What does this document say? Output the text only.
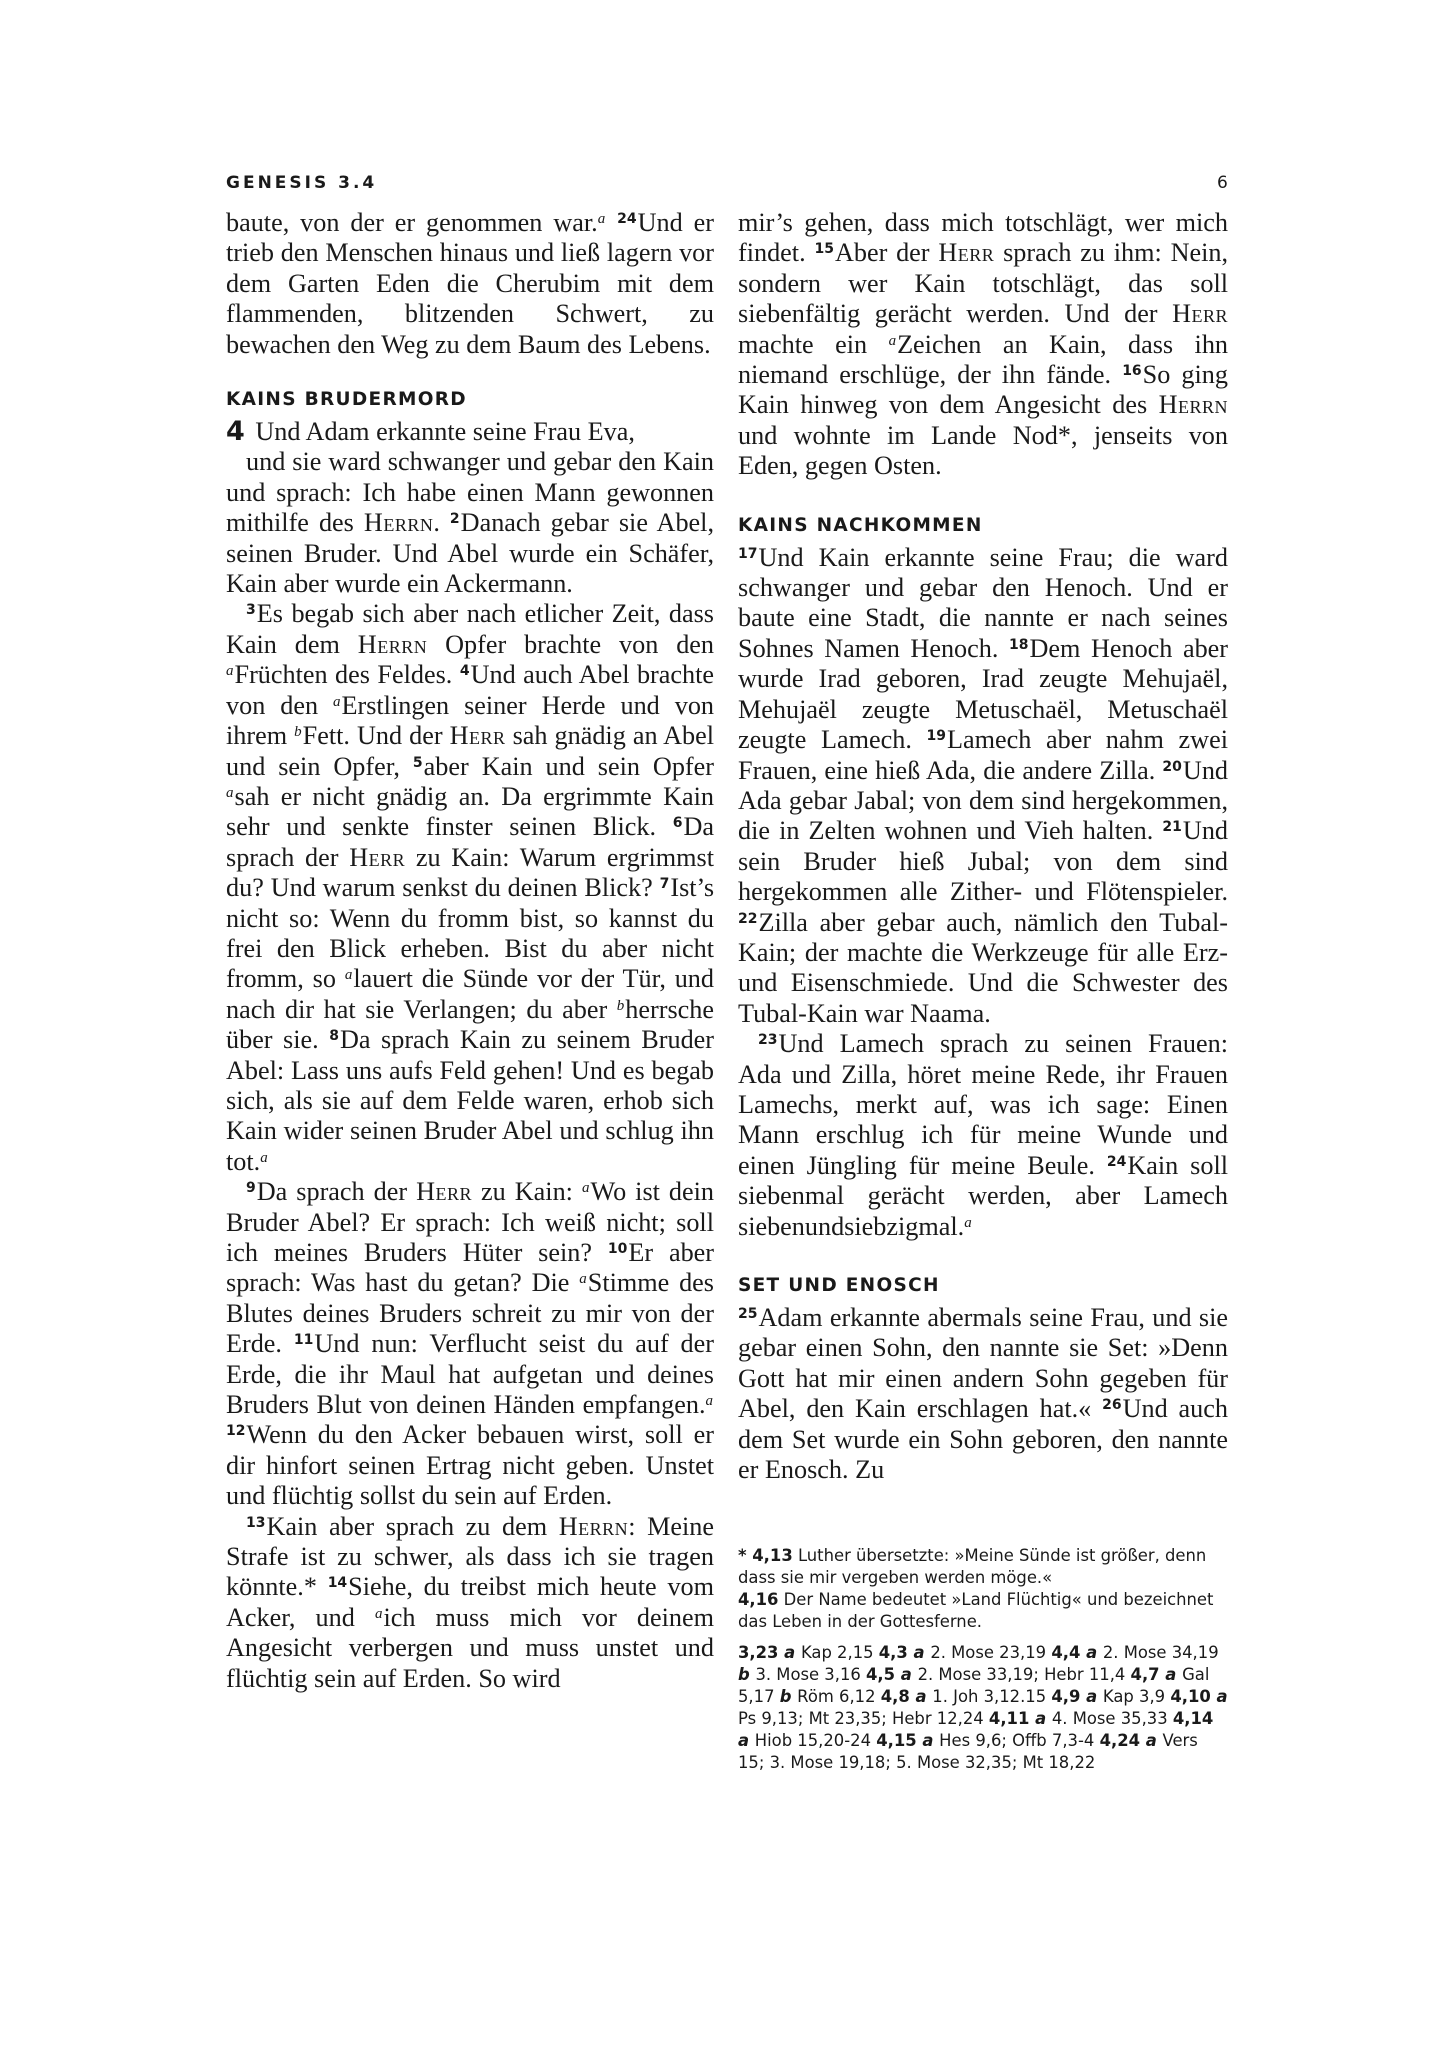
GENESIS 3.4	6

baute, von der er genommen war.$^a$ $^{24}$Und er trieb den Menschen hinaus und ließ lagern vor dem Garten Eden die Cherubim mit dem flammenden, blitzenden Schwert, zu bewachen den Weg zu dem Baum des Lebens.

KAINS BRUDERMORD

4 Und Adam erkannte seine Frau Eva,
und sie ward schwanger und gebar den Kain und sprach: Ich habe einen Mann gewonnen mithilfe des Herrn. $^2$Danach gebar sie Abel, seinen Bruder. Und Abel wurde ein Schäfer, Kain aber wurde ein Ackermann.

$^3$Es begab sich aber nach etlicher Zeit, dass Kain dem Herrn Opfer brachte von den $^a$Früchten des Feldes. $^4$Und auch Abel brachte von den $^a$Erstlingen seiner Herde und von ihrem $^b$Fett. Und der Herr sah gnädig an Abel und sein Opfer, $^5$aber Kain und sein Opfer $^a$sah er nicht gnädig an. Da ergrimmte Kain sehr und senkte finster seinen Blick. $^6$Da sprach der Herr zu Kain: Warum ergrimmst du? Und warum senkst du deinen Blick? $^7$Ist’s nicht so: Wenn du fromm bist, so kannst du frei den Blick erheben. Bist du aber nicht fromm, so $^a$lauert die Sünde vor der Tür, und nach dir hat sie Verlangen; du aber $^b$herrsche über sie. $^8$Da sprach Kain zu seinem Bruder Abel: Lass uns aufs Feld gehen! Und es begab sich, als sie auf dem Felde waren, erhob sich Kain wider seinen Bruder Abel und schlug ihn tot.$^a$

$^9$Da sprach der Herr zu Kain: $^a$Wo ist dein Bruder Abel? Er sprach: Ich weiß nicht; soll ich meines Bruders Hüter sein? $^{10}$Er aber sprach: Was hast du getan? Die $^a$Stimme des Blutes deines Bruders schreit zu mir von der Erde. $^{11}$Und nun: Verflucht seist du auf der Erde, die ihr Maul hat aufgetan und deines Bruders Blut von deinen Händen empfangen.$^a$ $^{12}$Wenn du den Acker bebauen wirst, soll er dir hinfort seinen Ertrag nicht geben. Unstet und flüchtig sollst du sein auf Erden.

$^{13}$Kain aber sprach zu dem Herrn: Meine Strafe ist zu schwer, als dass ich sie tragen könnte.* $^{14}$Siehe, du treibst mich heute vom Acker, und $^a$ich muss mich vor deinem Angesicht verbergen und muss unstet und flüchtig sein auf Erden. So wird

mir’s gehen, dass mich totschlägt, wer mich findet. $^{15}$Aber der Herr sprach zu ihm: Nein, sondern wer Kain totschlägt, das soll siebenfältig gerächt werden. Und der Herr machte ein $^a$Zeichen an Kain, dass ihn niemand erschlüge, der ihn fände. $^{16}$So ging Kain hinweg von dem Angesicht des Herrn und wohnte im Lande Nod*, jenseits von Eden, gegen Osten.

KAINS NACHKOMMEN

$^{17}$Und Kain erkannte seine Frau; die ward schwanger und gebar den Henoch. Und er baute eine Stadt, die nannte er nach seines Sohnes Namen Henoch. $^{18}$Dem Henoch aber wurde Irad geboren, Irad zeugte Mehujaël, Mehujaël zeugte Metuschaël, Metuschaël zeugte Lamech. $^{19}$Lamech aber nahm zwei Frauen, eine hieß Ada, die andere Zilla. $^{20}$Und Ada gebar Jabal; von dem sind hergekommen, die in Zelten wohnen und Vieh halten. $^{21}$Und sein Bruder hieß Jubal; von dem sind hergekommen alle Zither- und Flötenspieler. $^{22}$Zilla aber gebar auch, nämlich den Tubal-Kain; der machte die Werkzeuge für alle Erz- und Eisenschmiede. Und die Schwester des Tubal-Kain war Naama.

$^{23}$Und Lamech sprach zu seinen Frauen: Ada und Zilla, höret meine Rede, ihr Frauen Lamechs, merkt auf, was ich sage: Einen Mann erschlug ich für meine Wunde und einen Jüngling für meine Beule. $^{24}$Kain soll siebenmal gerächt werden, aber Lamech siebenundsiebzigmal.$^a$

SET UND ENOSCH

$^{25}$Adam erkannte abermals seine Frau, und sie gebar einen Sohn, den nannte sie Set: »Denn Gott hat mir einen andern Sohn gegeben für Abel, den Kain erschlagen hat.« $^{26}$Und auch dem Set wurde ein Sohn geboren, den nannte er Enosch. Zu

* 4,13 Luther übersetzte: »Meine Sünde ist größer, denn dass sie mir vergeben werden möge.«

4,16 Der Name bedeutet »Land Flüchtig« und bezeichnet das Leben in der Gottesferne.

3,23 a Kap 2,15 4,3 a 2. Mose 23,19 4,4 a 2. Mose 34,19 b 3. Mose 3,16 4,5 a 2. Mose 33,19; Hebr 11,4 4,7 a Gal 5,17 b Röm 6,12 4,8 a 1. Joh 3,12.15 4,9 a Kap 3,9 4,10 a Ps 9,13; Mt 23,35; Hebr 12,24 4,11 a 4. Mose 35,33 4,14 a Hiob 15,20-24 4,15 a Hes 9,6; Offb 7,3-4 4,24 a Vers 15; 3. Mose 19,18; 5. Mose 32,35; Mt 18,22
